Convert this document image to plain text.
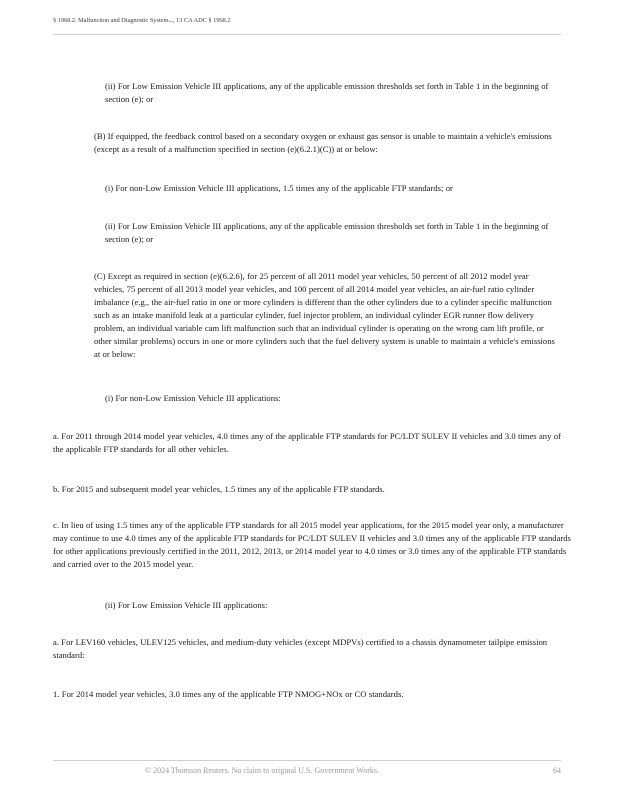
§ 1968.2. Malfunction and Diagnostic System..., 13 CA ADC § 1968.2

(ii) For Low Emission Vehicle III applications, any of the applicable emission thresholds set forth in Table 1 in the beginning of section (e); or

(B) If equipped, the feedback control based on a secondary oxygen or exhaust gas sensor is unable to maintain a vehicle's emissions (except as a result of a malfunction specified in section (e)(6.2.1)(C)) at or below:

(i) For non-Low Emission Vehicle III applications, 1.5 times any of the applicable FTP standards; or

(ii) For Low Emission Vehicle III applications, any of the applicable emission thresholds set forth in Table 1 in the beginning of section (e); or

(C) Except as required in section (e)(6.2.6), for 25 percent of all 2011 model year vehicles, 50 percent of all 2012 model year vehicles, 75 percent of all 2013 model year vehicles, and 100 percent of all 2014 model year vehicles, an air-fuel ratio cylinder imbalance (e.g., the air-fuel ratio in one or more cylinders is different than the other cylinders due to a cylinder specific malfunction such as an intake manifold leak at a particular cylinder, fuel injector problem, an individual cylinder EGR runner flow delivery problem, an individual variable cam lift malfunction such that an individual cylinder is operating on the wrong cam lift profile, or other similar problems) occurs in one or more cylinders such that the fuel delivery system is unable to maintain a vehicle's emissions at or below:

(i) For non-Low Emission Vehicle III applications:

a. For 2011 through 2014 model year vehicles, 4.0 times any of the applicable FTP standards for PC/LDT SULEV II vehicles and 3.0 times any of the applicable FTP standards for all other vehicles.

b. For 2015 and subsequent model year vehicles, 1.5 times any of the applicable FTP standards.

c. In lieu of using 1.5 times any of the applicable FTP standards for all 2015 model year applications, for the 2015 model year only, a manufacturer may continue to use 4.0 times any of the applicable FTP standards for PC/LDT SULEV II vehicles and 3.0 times any of the applicable FTP standards for other applications previously certified in the 2011, 2012, 2013, or 2014 model year to 4.0 times or 3.0 times any of the applicable FTP standards and carried over to the 2015 model year.

(ii) For Low Emission Vehicle III applications:

a. For LEV160 vehicles, ULEV125 vehicles, and medium-duty vehicles (except MDPVs) certified to a chassis dynamometer tailpipe emission standard:

1. For 2014 model year vehicles, 3.0 times any of the applicable FTP NMOG+NOx or CO standards.

© 2024 Thomson Reuters. No claim to original U.S. Government Works.	64
